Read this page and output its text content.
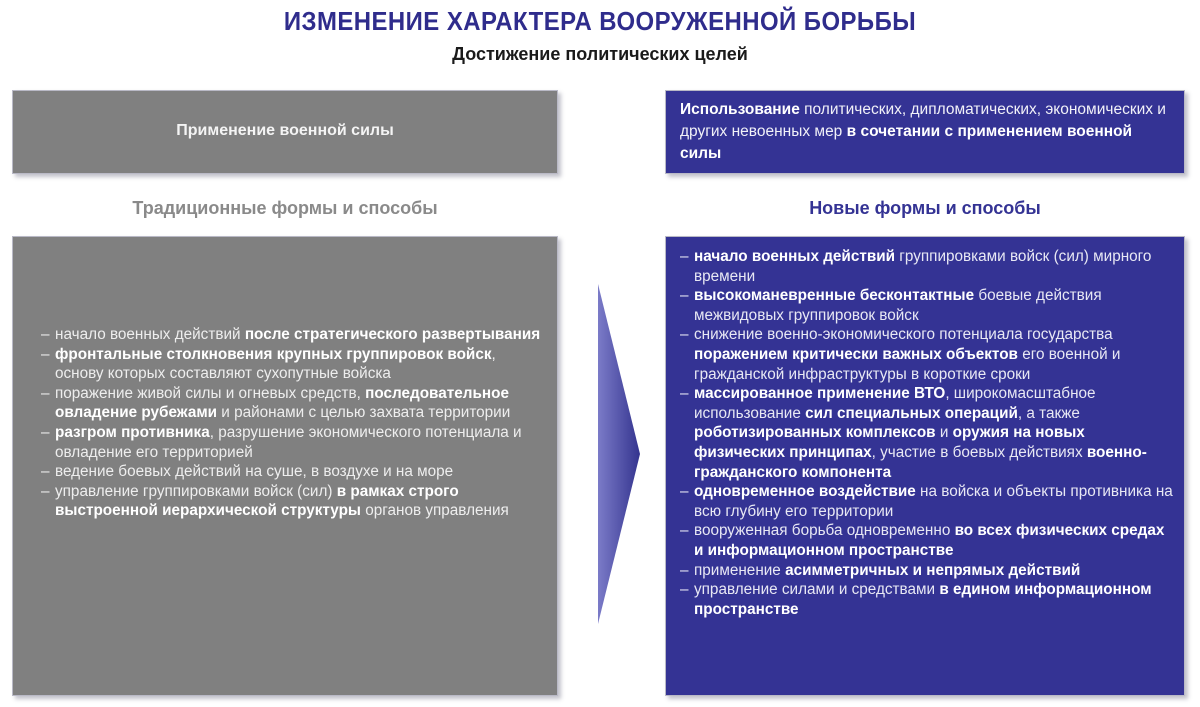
ИЗМЕНЕНИЕ ХАРАКТЕРА ВООРУЖЕННОЙ БОРЬБЫ
Достижение политических целей
Применение военной силы

Использование политических, дипломатических, экономических и других невоенных мер в сочетании с применением военной силы

Традиционные формы и способы	Новые формы и способы
– начало военных действий после стратегического развертывания
– фронтальные столкновения крупных группировок войск, основу которых составляют сухопутные войска
– поражение живой силы и огневых средств, последовательное овладение рубежами и районами с целью захвата территории
– разгром противника, разрушение экономического потенциала и овладение его территорией
– ведение боевых действий на суше, в воздухе и на море
– управление группировками войск (сил) в рамках строго выстроенной иерархической структуры органов управления
– начало военных действий группировками войск (сил) мирного времени
– высокоманевренные бесконтактные боевые действия межвидовых группировок войск
– снижение военно-экономического потенциала государства поражением критически важных объектов его военной и гражданской инфраструктуры в короткие сроки
– массированное применение ВТО, широкомасштабное использование сил специальных операций, а также роботизированных комплексов и оружия на новых физических принципах, участие в боевых действиях военно-гражданского компонента
– одновременное воздействие на войска и объекты противника на всю глубину его территории
– вооруженная борьба одновременно во всех физических средах и информационном пространстве
– применение асимметричных и непрямых действий
– управление силами и средствами в едином информационном пространстве
